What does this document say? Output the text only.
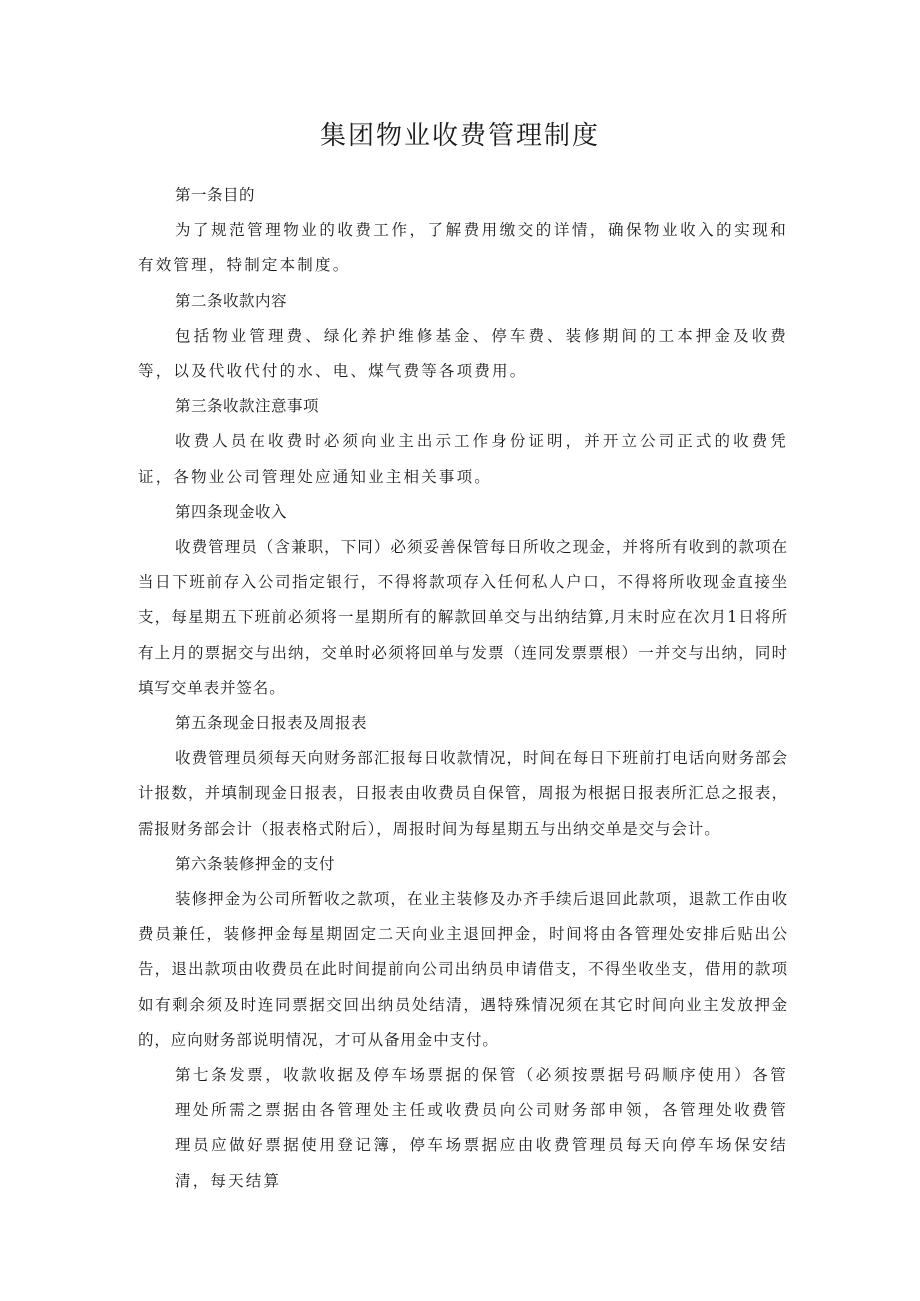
集团物业收费管理制度

第一条目的

为了规范管理物业的收费工作，了解费用缴交的详情，确保物业收入的实现和有效管理，特制定本制度。

第二条收款内容

包括物业管理费、绿化养护维修基金、停车费、装修期间的工本押金及收费等，以及代收代付的水、电、煤气费等各项费用。

第三条收款注意事项

收费人员在收费时必须向业主出示工作身份证明，并开立公司正式的收费凭证，各物业公司管理处应通知业主相关事项。

第四条现金收入

收费管理员（含兼职，下同）必须妥善保管每日所收之现金，并将所有收到的款项在当日下班前存入公司指定银行，不得将款项存入任何私人户口，不得将所收现金直接坐支，每星期五下班前必须将一星期所有的解款回单交与出纳结算,月末时应在次月1日将所有上月的票据交与出纳，交单时必须将回单与发票（连同发票票根）一并交与出纳，同时填写交单表并签名。

第五条现金日报表及周报表

收费管理员须每天向财务部汇报每日收款情况，时间在每日下班前打电话向财务部会计报数，并填制现金日报表，日报表由收费员自保管，周报为根据日报表所汇总之报表，需报财务部会计（报表格式附后），周报时间为每星期五与出纳交单是交与会计。

第六条装修押金的支付

装修押金为公司所暂收之款项，在业主装修及办齐手续后退回此款项，退款工作由收费员兼任，装修押金每星期固定二天向业主退回押金，时间将由各管理处安排后贴出公告，退出款项由收费员在此时间提前向公司出纳员申请借支，不得坐收坐支，借用的款项如有剩余须及时连同票据交回出纳员处结清，遇特殊情况须在其它时间向业主发放押金的，应向财务部说明情况，才可从备用金中支付。

第七条发票，收款收据及停车场票据的保管（必须按票据号码顺序使用）各管理处所需之票据由各管理处主任或收费员向公司财务部申领，各管理处收费管理员应做好票据使用登记簿，停车场票据应由收费管理员每天向停车场保安结清，每天结算
